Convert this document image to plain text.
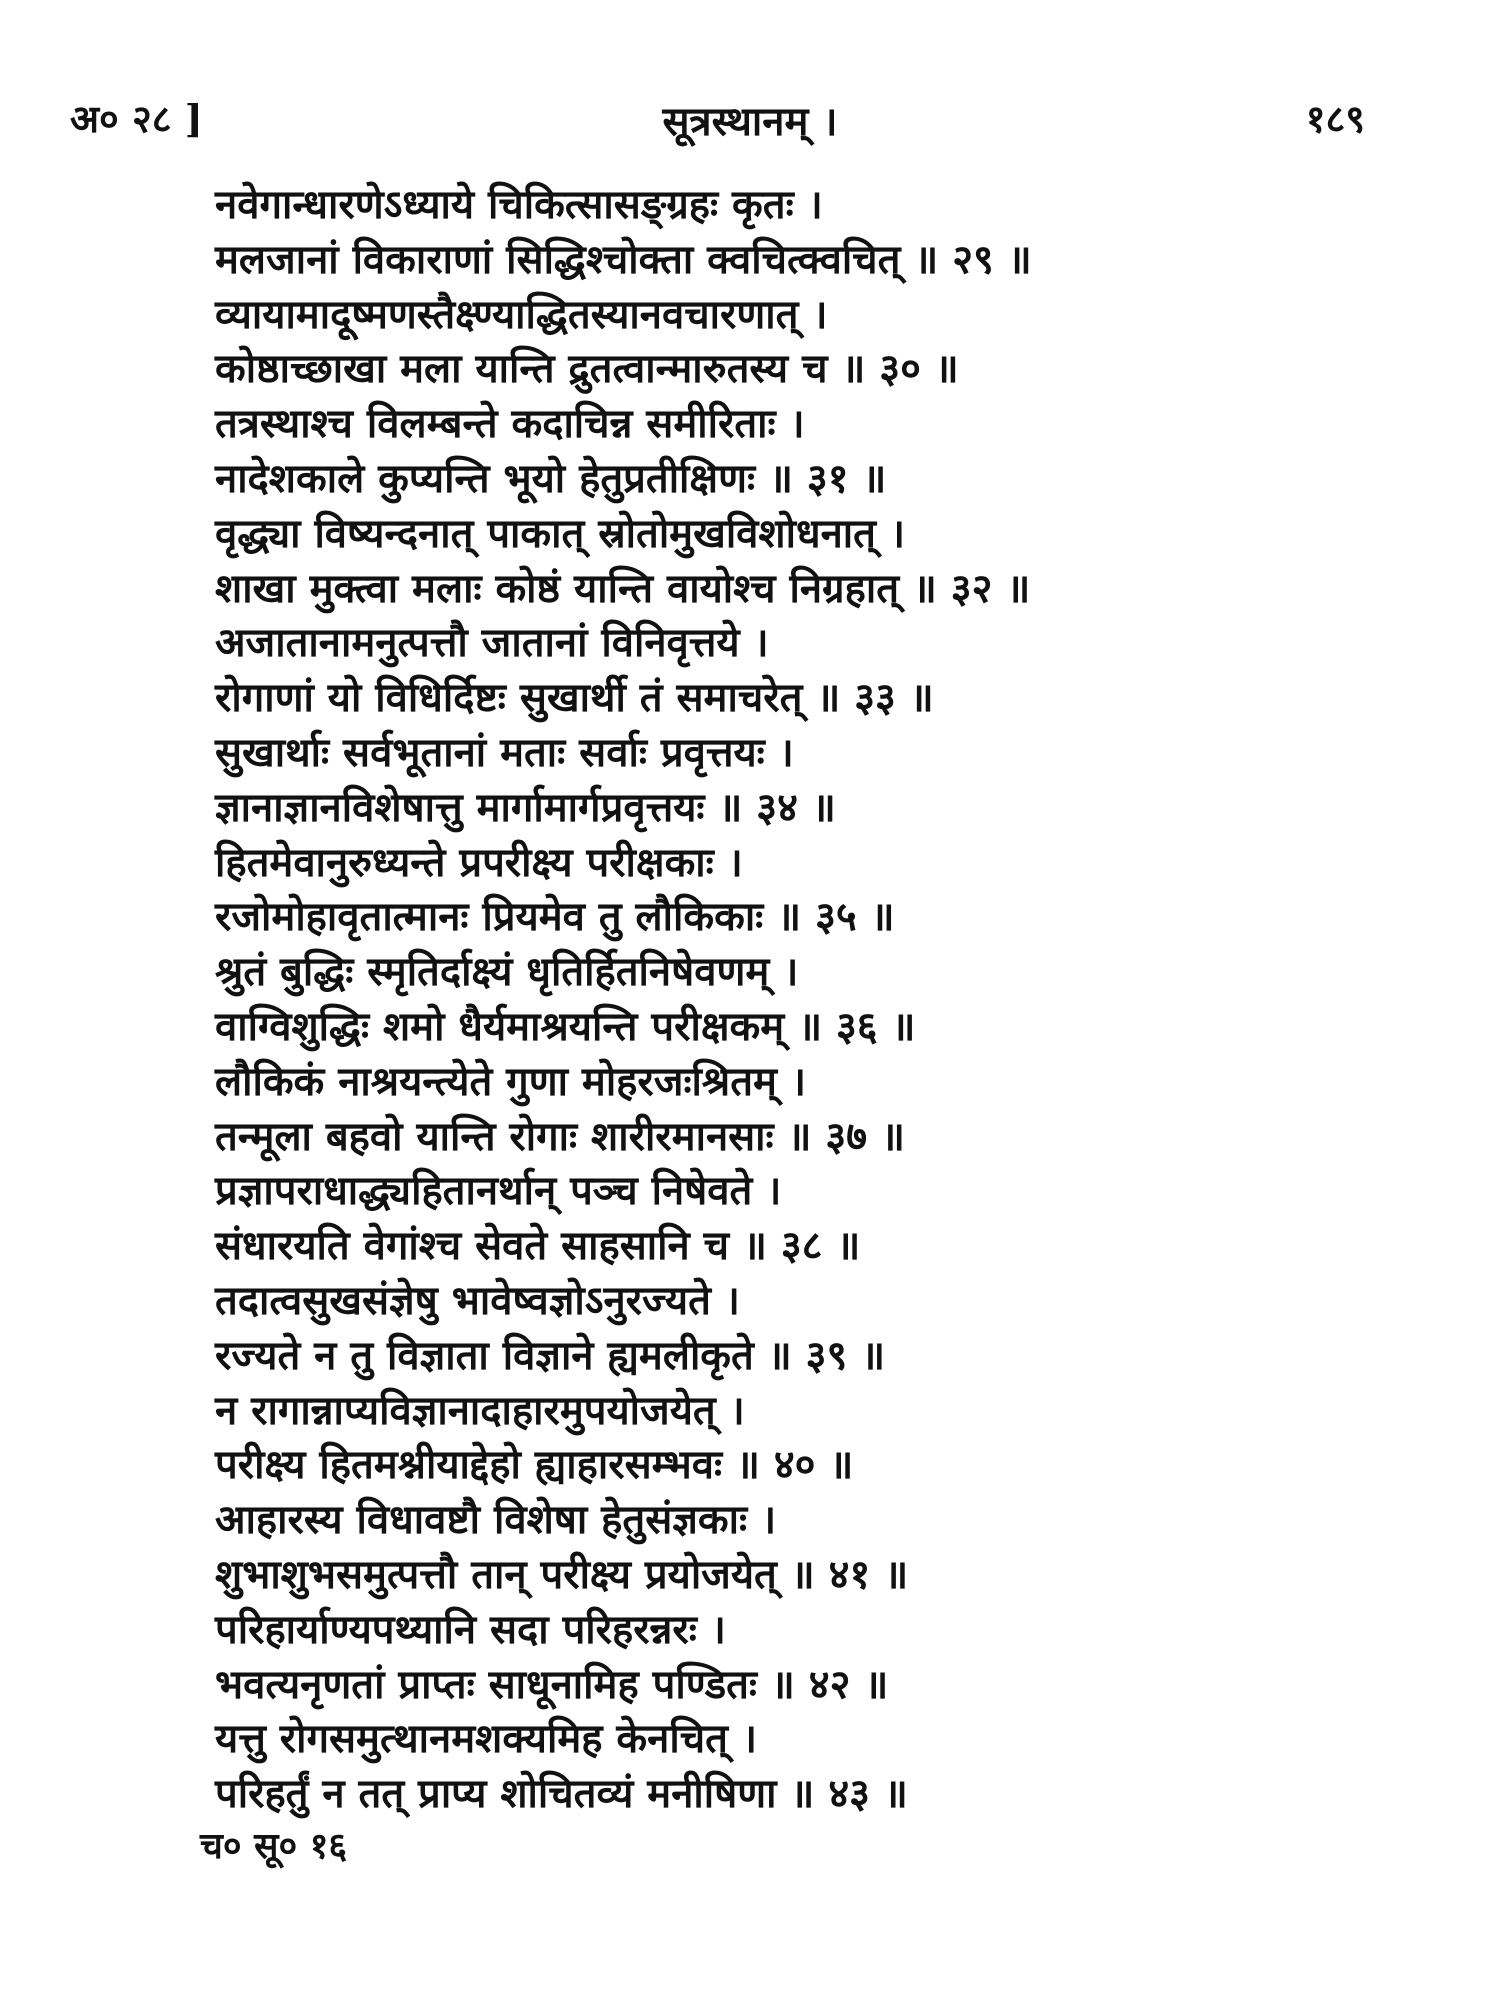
अ० २८ ]	सूत्रस्थानम् ।	१८९
नवेगान्धारणेऽध्याये चिकित्सासङ्ग्रहः कृतः ।
मलजानां विकाराणां सिद्धिश्चोक्ता क्वचित्क्वचित् ॥ २९ ॥
व्यायामादूष्मणस्तैक्ष्ण्याद्धितस्यानवचारणात् ।
कोष्ठाच्छाखा मला यान्ति द्रुतत्वान्मारुतस्य च ॥ ३० ॥
तत्रस्थाश्च विलम्बन्ते कदाचिन्न समीरिताः ।
नादेशकाले कुप्यन्ति भूयो हेतुप्रतीक्षिणः ॥ ३१ ॥
वृद्ध्या विष्यन्दनात् पाकात् स्रोतोमुखविशोधनात् ।
शाखा मुक्त्वा मलाः कोष्ठं यान्ति वायोश्च निग्रहात् ॥ ३२ ॥
अजातानामनुत्पत्तौ जातानां विनिवृत्तये ।
रोगाणां यो विधिर्दिष्टः सुखार्थी तं समाचरेत् ॥ ३३ ॥
सुखार्थाः सर्वभूतानां मताः सर्वाः प्रवृत्तयः ।
ज्ञानाज्ञानविशेषात्तु मार्गामार्गप्रवृत्तयः ॥ ३४ ॥
हितमेवानुरुध्यन्ते प्रपरीक्ष्य परीक्षकाः ।
रजोमोहावृतात्मानः प्रियमेव तु लौकिकाः ॥ ३५ ॥
श्रुतं बुद्धिः स्मृतिर्दाक्ष्यं धृतिर्हितनिषेवणम् ।
वाग्विशुद्धिः शमो धैर्यमाश्रयन्ति परीक्षकम् ॥ ३६ ॥
लौकिकं नाश्रयन्त्येते गुणा मोहरजःश्रितम् ।
तन्मूला बहवो यान्ति रोगाः शारीरमानसाः ॥ ३७ ॥
प्रज्ञापराधाद्ध्यहितानर्थान् पञ्च निषेवते ।
संधारयति वेगांश्च सेवते साहसानि च ॥ ३८ ॥
तदात्वसुखसंज्ञेषु भावेष्वज्ञोऽनुरज्यते ।
रज्यते न तु विज्ञाता विज्ञाने ह्यमलीकृते ॥ ३९ ॥
न रागान्नाप्यविज्ञानादाहारमुपयोजयेत् ।
परीक्ष्य हितमश्नीयाद्देहो ह्याहारसम्भवः ॥ ४० ॥
आहारस्य विधावष्टौ विशेषा हेतुसंज्ञकाः ।
शुभाशुभसमुत्पत्तौ तान् परीक्ष्य प्रयोजयेत् ॥ ४१ ॥
परिहार्याण्यपथ्यानि सदा परिहरन्नरः ।
भवत्यनृणतां प्राप्तः साधूनामिह पण्डितः ॥ ४२ ॥
यत्तु रोगसमुत्थानमशक्यमिह केनचित् ।
परिहर्तुं न तत् प्राप्य शोचितव्यं मनीषिणा ॥ ४३ ॥
च० सू० १६
